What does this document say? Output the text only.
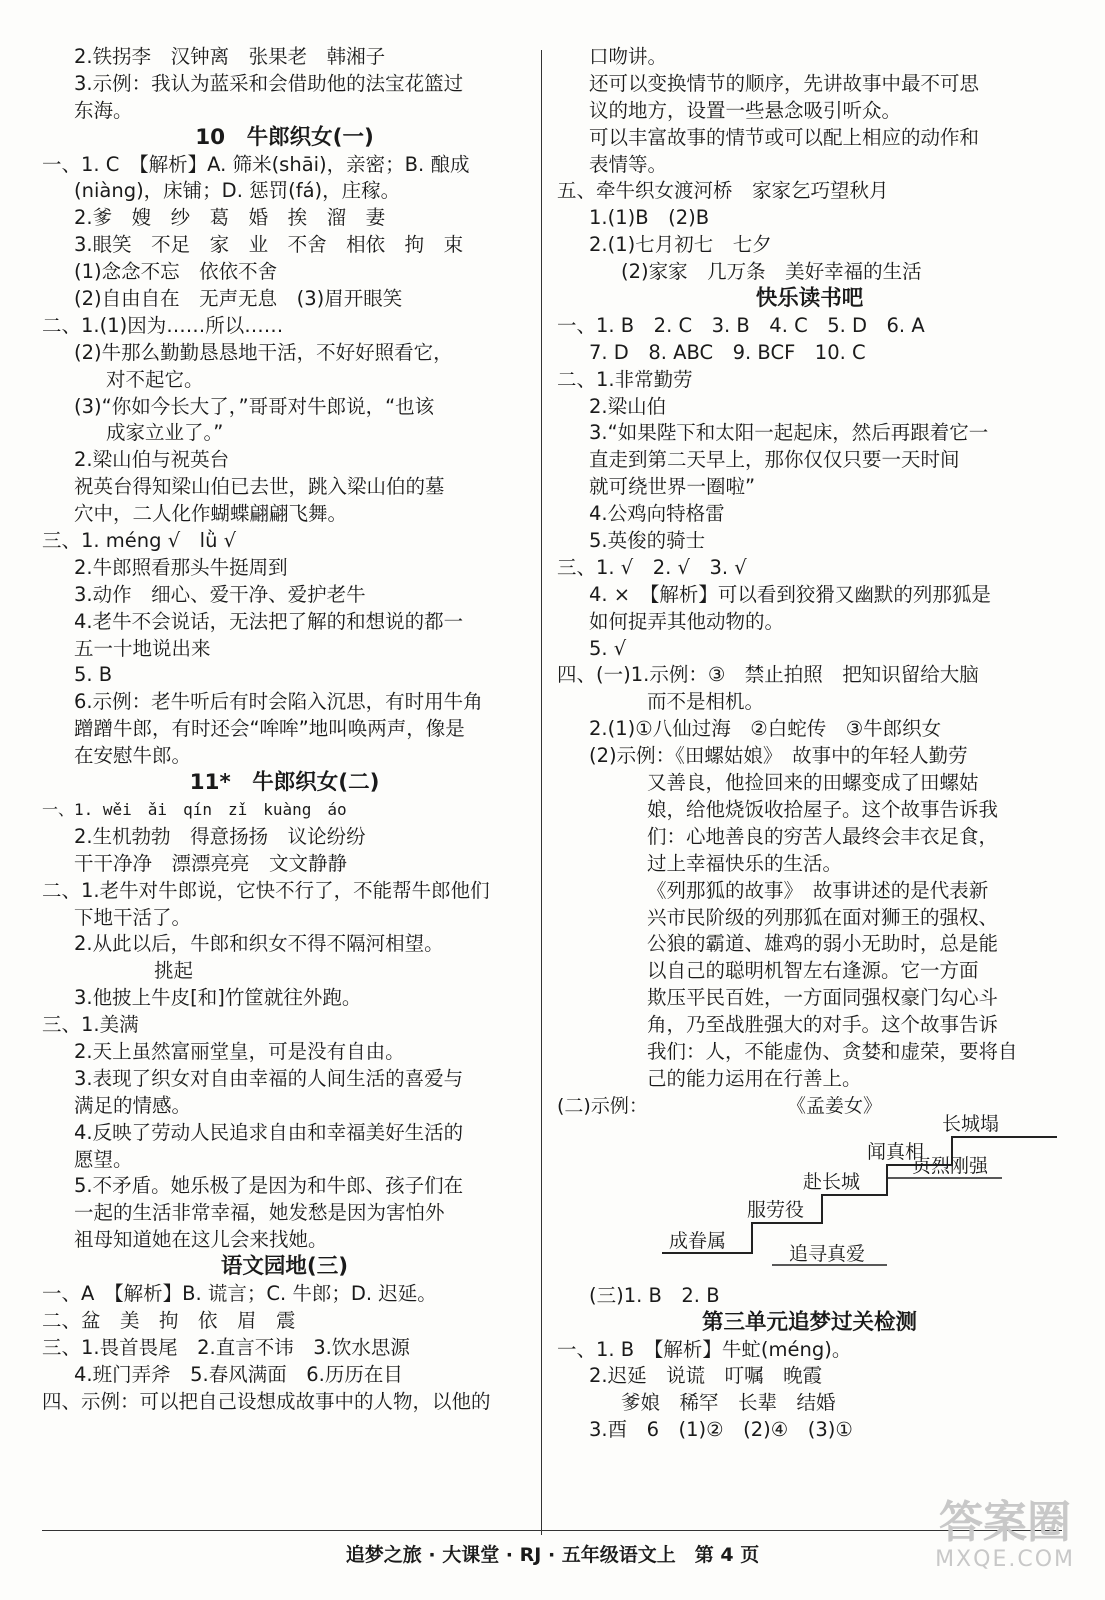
2.铁拐李　汉钟离　张果老　韩湘子
3.示例：我认为蓝采和会借助他的法宝花篮过
东海。
10　牛郎织女(一)
一、1. C　【解析】A. 筛米(shāi)，亲密；B. 酿成
(niàng)，床铺；D. 惩罚(fá)，庄稼。
2.爹　嫂　纱　葛　婚　挨　溜　妻
3.眼笑　不足　家　业　不舍　相依　拘　束
(1)念念不忘　依依不舍
(2)自由自在　无声无息　(3)眉开眼笑
二、1.(1)因为……所以……
(2)牛那么勤勤恳恳地干活，不好好照看它，
对不起它。
(3)“你如今长大了，”哥哥对牛郎说，“也该
成家立业了。”
2.梁山伯与祝英台
祝英台得知梁山伯已去世，跳入梁山伯的墓
穴中，二人化作蝴蝶翩翩飞舞。
三、1. méng √　lǜ √
2.牛郎照看那头牛挺周到
3.动作　细心、爱干净、爱护老牛
4.老牛不会说话，无法把了解的和想说的都一
五一十地说出来
5. B
6.示例：老牛听后有时会陷入沉思，有时用牛角
蹭蹭牛郎，有时还会“哞哞”地叫唤两声，像是
在安慰牛郎。
11*　牛郎织女(二)
一、1. wěi　ǎi　qín　zǐ　kuàng　áo
2.生机勃勃　得意扬扬　议论纷纷
干干净净　漂漂亮亮　文文静静
二、1.老牛对牛郎说，它快不行了，不能帮牛郎他们
下地干活了。
2.从此以后，牛郎和织女不得不隔河相望。
挑起
3.他披上牛皮[和]竹筐就往外跑。
三、1.美满
2.天上虽然富丽堂皇，可是没有自由。
3.表现了织女对自由幸福的人间生活的喜爱与
满足的情感。
4.反映了劳动人民追求自由和幸福美好生活的
愿望。
5.不矛盾。她乐极了是因为和牛郎、孩子们在
一起的生活非常幸福，她发愁是因为害怕外
祖母知道她在这儿会来找她。
语文园地(三)
一、A　【解析】B. 谎言；C. 牛郎；D. 迟延。
二、盆　美　拘　依　眉　震
三、1.畏首畏尾　2.直言不讳　3.饮水思源
4.班门弄斧　5.春风满面　6.历历在目
四、示例：可以把自己设想成故事中的人物，以他的
口吻讲。
还可以变换情节的顺序，先讲故事中最不可思
议的地方，设置一些悬念吸引听众。
可以丰富故事的情节或可以配上相应的动作和
表情等。
五、牵牛织女渡河桥　家家乞巧望秋月
1.(1)B　(2)B
2.(1)七月初七　七夕
(2)家家　几万条　美好幸福的生活
快乐读书吧
一、1. B　2. C　3. B　4. C　5. D　6. A
7. D　8. ABC　9. BCF　10. C
二、1.非常勤劳
2.梁山伯
3.“如果陛下和太阳一起起床，然后再跟着它一
直走到第二天早上，那你仅仅只要一天时间
就可绕世界一圈啦”
4.公鸡向特格雷
5.英俊的骑士
三、1. √　2. √　3. √
4. ×　【解析】可以看到狡猾又幽默的列那狐是
如何捉弄其他动物的。
5. √
四、(一)1.示例：③　禁止拍照　把知识留给大脑
而不是相机。
2.(1)①八仙过海　②白蛇传　③牛郎织女
(2)示例：《田螺姑娘》　故事中的年轻人勤劳
又善良，他捡回来的田螺变成了田螺姑
娘，给他烧饭收拾屋子。这个故事告诉我
们：心地善良的穷苦人最终会丰衣足食，
过上幸福快乐的生活。
《列那狐的故事》　故事讲述的是代表新
兴市民阶级的列那狐在面对狮王的强权、
公狼的霸道、雄鸡的弱小无助时，总是能
以自己的聪明机智左右逢源。它一方面
欺压平民百姓，一方面同强权豪门勾心斗
角，乃至战胜强大的对手。这个故事告诉
我们：人，不能虚伪、贪婪和虚荣，要将自
己的能力运用在行善上。
(二)示例：	《孟姜女》
成眷属
服劳役
赴长城
闻真相
长城塌
追寻真爱
贞烈刚强
(三)1. B　2. B
第三单元追梦过关检测
一、1. B　【解析】牛虻(méng)。
2.迟延　说谎　叮嘱　晚霞
爹娘　稀罕　长辈　结婚
3.酉　6　(1)②　(2)④　(3)①
追梦之旅 · 大课堂 · RJ · 五年级语文上　第 4 页
答案圈
MXQE.COM
